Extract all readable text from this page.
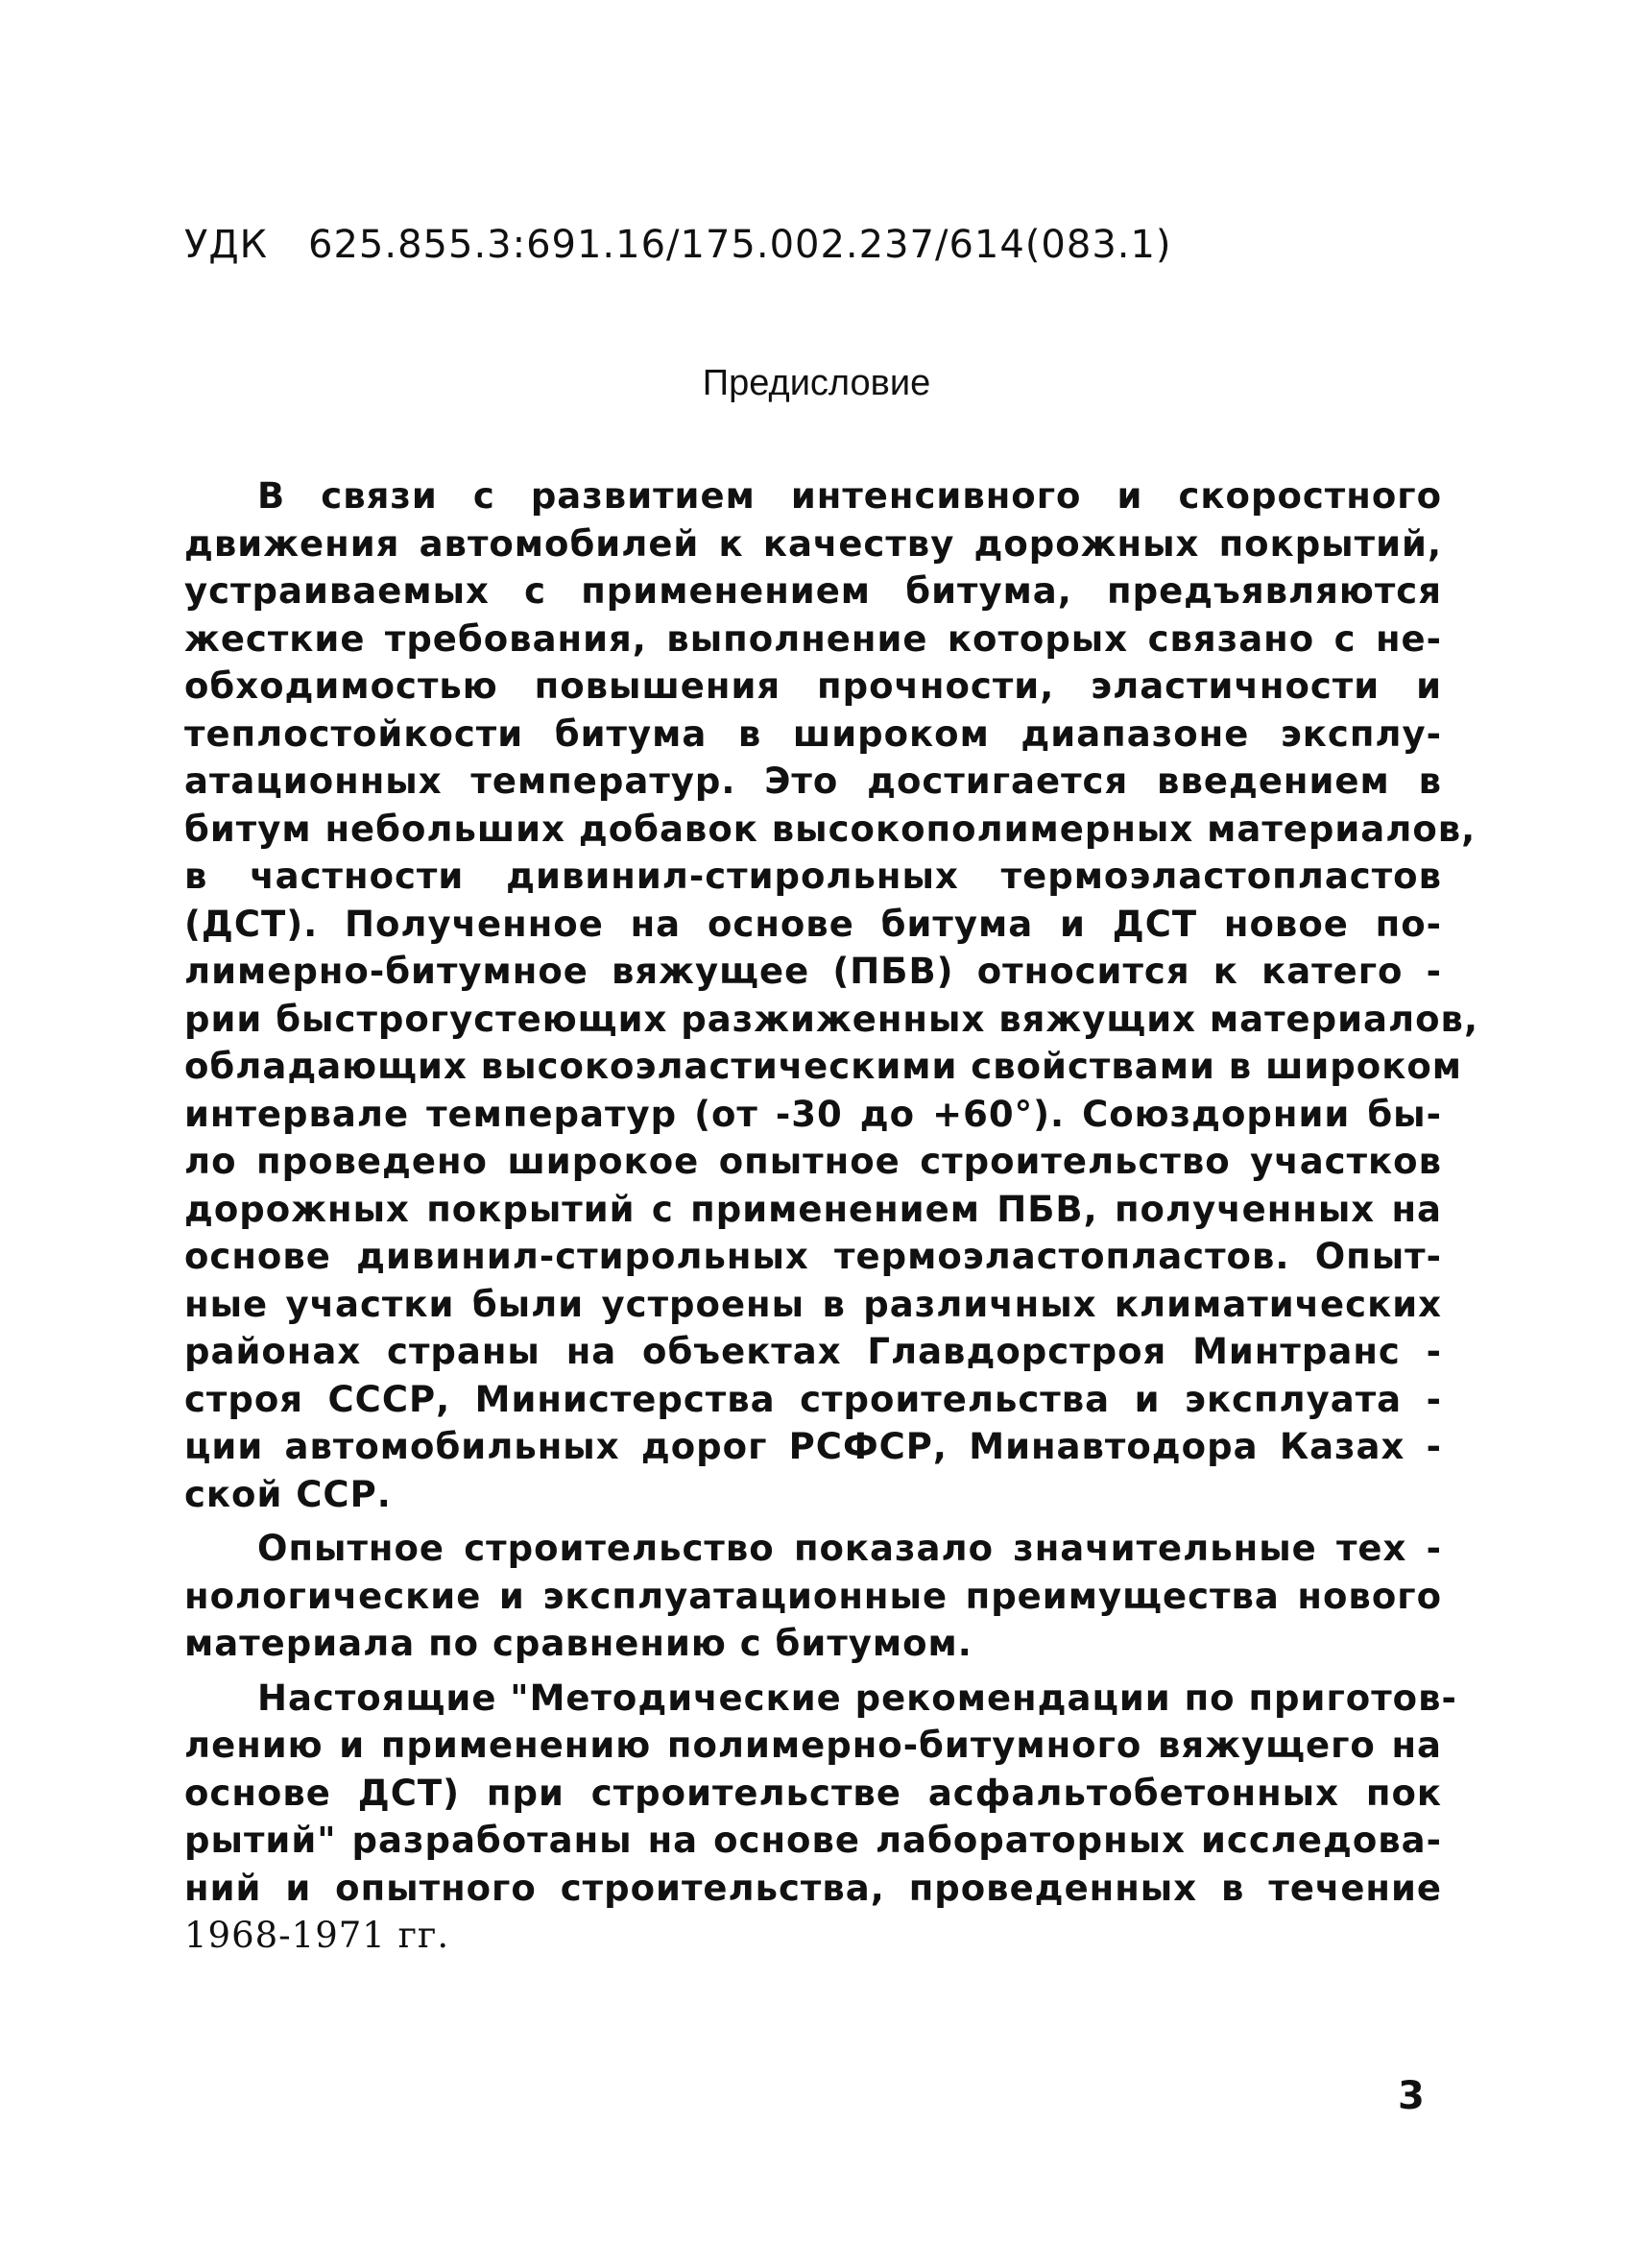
УДК 625.855.3:691.16/175.002.237/614(083.1)
Предисловие
В связи с развитием интенсивного и скоростного
движения автомобилей к качеству дорожных покрытий,
устраиваемых с применением битума, предъявляются
жесткие требования, выполнение которых связано с не-
обходимостью повышения прочности, эластичности и
теплостойкости битума в широком диапазоне эксплу-
атационных температур. Это достигается введением в
битум небольших добавок высокополимерных материалов,
в частности дивинил-стирольных термоэластопластов
(ДСТ). Полученное на основе битума и ДСТ новое по-
лимерно-битумное вяжущее (ПБВ) относится к катего -
рии быстрогустеющих разжиженных вяжущих материалов,
обладающих высокоэластическими свойствами в широком
интервале температур (от -30 до +60°). Союздорнии бы-
ло проведено широкое опытное строительство участков
дорожных покрытий с применением ПБВ, полученных на
основе дивинил-стирольных термоэластопластов. Опыт-
ные участки были устроены в различных климатических
районах страны на объектах Главдорстроя Минтранс -
строя СССР, Министерства строительства и эксплуата -
ции автомобильных дорог РСФСР, Минавтодора Казах -
ской ССР.
Опытное строительство показало значительные тех -
нологические и эксплуатационные преимущества нового
материала по сравнению с битумом.
Настоящие "Методические рекомендации по приготов-
лению и применению полимерно-битумного вяжущего на
основе ДСТ) при строительстве асфальтобетонных пок
рытий" разработаны на основе лабораторных исследова-
ний и опытного строительства, проведенных в течение
1968-1971 гг.
3
